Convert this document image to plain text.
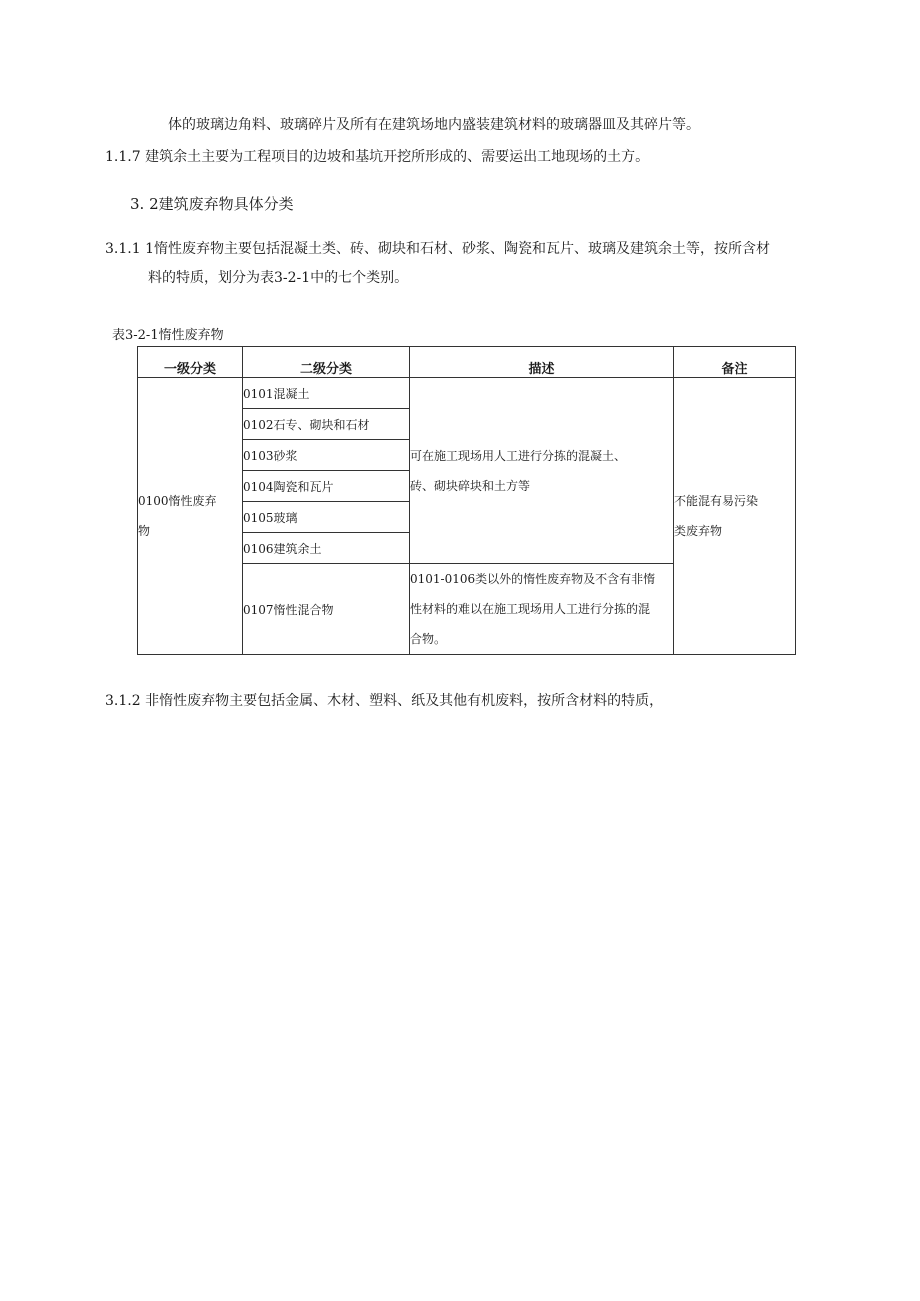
体的玻璃边角料、玻璃碎片及所有在建筑场地内盛装建筑材料的玻璃器皿及其碎片等。
1.1.7 建筑余土主要为工程项目的边坡和基坑开挖所形成的、需要运出工地现场的土方。
3. 2建筑废弃物具体分类
3.1.1 1惰性废弃物主要包括混凝土类、砖、砌块和石材、砂浆、陶瓷和瓦片、玻璃及建筑余土等，按所含材
料的特质，划分为表3-2-1中的七个类别。
表3-2-1惰性废弃物
一级分类	二级分类	描述	备注

0100惰性废弃
物	0101混凝土	可在施工现场用人工进行分拣的混凝土、
砖、砌块碎块和土方等	不能混有易污染
类废弃物

	0102石专、砌块和石材		
	0103砂浆		
	0104陶瓷和瓦片		
	0105玻璃		
	0106建筑余土		
	0107惰性混合物	0101-0106类以外的惰性废弃物及不含有非惰
性材料的难以在施工现场用人工进行分拣的混
合物。	
3.1.2 非惰性废弃物主要包括金属、木材、塑料、纸及其他有机废料，按所含材料的特质，
